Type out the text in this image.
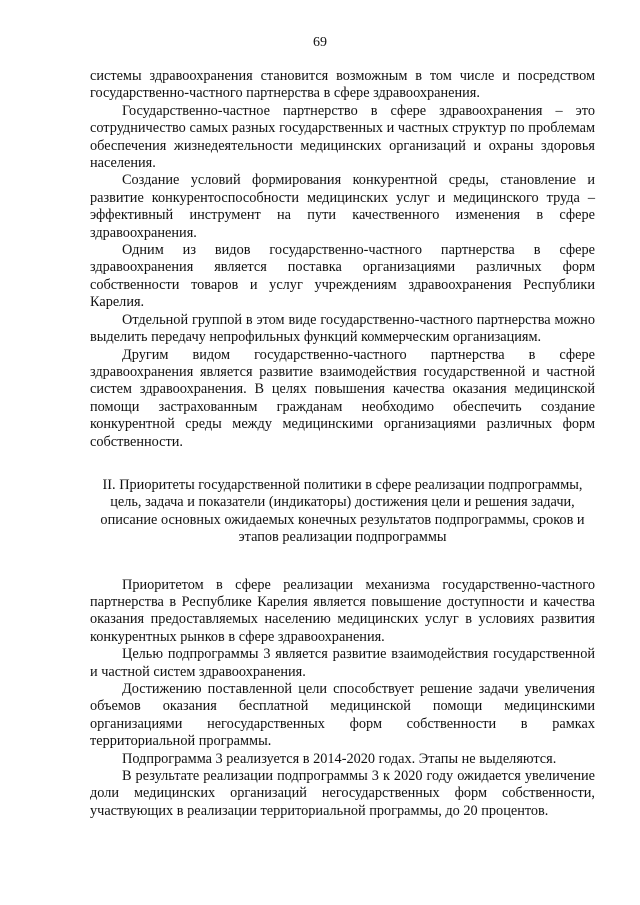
69

системы здравоохранения становится возможным в том числе и посредством государственно-частного партнерства в сфере здравоохранения.

Государственно-частное партнерство в сфере здравоохранения – это сотрудничество самых разных государственных и частных структур по проблемам обеспечения жизнедеятельности медицинских организаций и охраны здоровья населения.

Создание условий формирования конкурентной среды, становление и развитие конкурентоспособности медицинских услуг и медицинского труда – эффективный инструмент на пути качественного изменения в сфере здравоохранения.

Одним из видов государственно-частного партнерства в сфере здравоохранения является поставка организациями различных форм собственности товаров и услуг учреждениям здравоохранения Республики Карелия.

Отдельной группой в этом виде государственно-частного партнерства можно выделить передачу непрофильных функций коммерческим организациям.

Другим видом государственно-частного партнерства в сфере здравоохранения является развитие взаимодействия государственной и частной систем здравоохранения. В целях повышения качества оказания медицинской помощи застрахованным гражданам необходимо обеспечить создание конкурентной среды между медицинскими организациями различных форм собственности.

II. Приоритеты государственной политики в сфере реализации подпрограммы, цель, задача и показатели (индикаторы) достижения цели и решения задачи, описание основных ожидаемых конечных результатов подпрограммы, сроков и этапов реализации подпрограммы

Приоритетом в сфере реализации механизма государственно-частного партнерства в Республике Карелия является повышение доступности и качества оказания предоставляемых населению медицинских услуг в условиях развития конкурентных рынков в сфере здравоохранения.

Целью подпрограммы 3 является развитие взаимодействия государственной и частной систем здравоохранения.

Достижению поставленной цели способствует решение задачи увеличения объемов оказания бесплатной медицинской помощи медицинскими организациями негосударственных форм собственности в рамках территориальной программы.

Подпрограмма 3 реализуется в 2014-2020 годах. Этапы не выделяются.

В результате реализации подпрограммы 3 к 2020 году ожидается увеличение доли медицинских организаций негосударственных форм собственности, участвующих в реализации территориальной программы, до 20 процентов.
